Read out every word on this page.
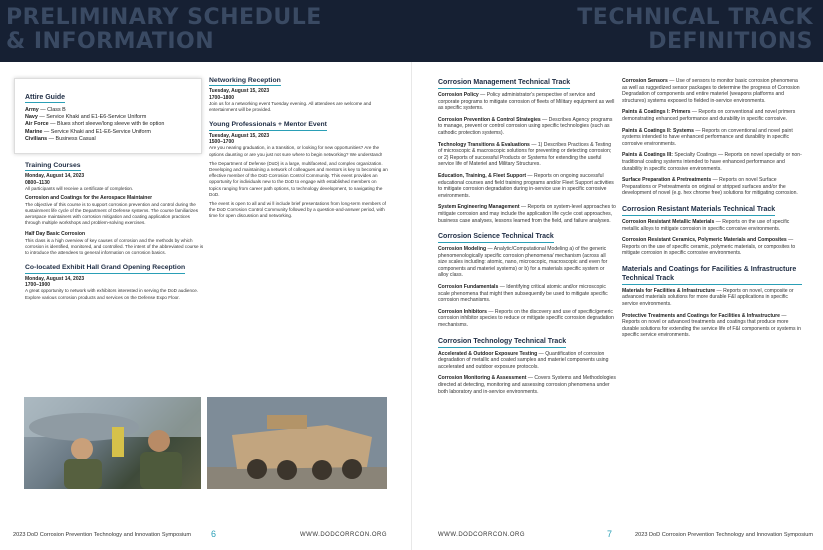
PRELIMINARY SCHEDULE
& INFORMATION
TECHNICAL TRACK
DEFINITIONS
Attire Guide

Army — Class B

Navy — Service Khaki and E1-E6-Service Uniform

Air Force — Blues short sleeve/long sleeve with tie option

Marine — Service Khaki and E1-E6-Service Uniform

Civilians — Business Casual

Training Courses
Monday, August 14, 2023
0800–1130

All participants will receive a certificate of completion.

Corrosion and Coatings for the Aerospace Maintainer

The objective of this course is to support corrosion prevention and control during the sustainment life cycle of the Department of Defense systems. The course familiarizes aerospace maintainers with corrosion mitigation and coating application practices through multiple workshops and problem-solving exercises.

Half Day Basic Corrosion

This class is a high overview of key causes of corrosion and the methods by which corrosion is identified, monitored, and controlled. The intent of the abbreviated course is to introduce the attendees to general information on corrosion basics.

Co-located Exhibit Hall Grand Opening Reception
Monday, August 14, 2023
1700–1900

A great opportunity to network with exhibitors interested in serving the DoD audience. Explore various corrosion products and services on the Defense Expo Floor.

Networking Reception
Tuesday, August 15, 2023
1700–1800

Join us for a networking event Tuesday evening. All attendees are welcome and entertainment will be provided.

Young Professionals + Mentor Event
Tuesday, August 15, 2023
1500–1700

Are you nearing graduation, in a transition, or looking for new opportunities? Are the options daunting or are you just not sure where to begin networking? We understand!

The Department of Defense (DoD) is a large, multifaceted, and complex organization. Developing and maintaining a network of colleagues and mentors is key to becoming an effective member of the DoD Corrosion Control Community. This event provides an opportunity for individuals new to the DoD to engage with established members on topics ranging from career path options, to technology development, to navigating the DoD.

The event is open to all and wi ll include brief presentations from long-term members of the DoD Corrosion Control Community followed by a question-and-answer period, with time for open discussion and networking.

2023 DoD Corrosion Prevention Technology and Innovation Symposium 6	WWW.DODCORRCON.ORG
Corrosion Management Technical Track
Corrosion Policy — Policy administrator's perspective of service and corporate programs to mitigate corrosion of fleets of Military equipment as well as specific systems.
Corrosion Prevention & Control Strategies — Describes Agency programs to manage, prevent or control corrosion using specific technologies (such as cathodic protection systems).
Technology Transitions & Evaluations — 1) Describes Practices & Testing of microscopic & macroscopic solutions for preventing or detecting corrosion; or 2) Reports of successful Products or Systems for extending the useful service life of Materiel and Military Structures.
Education, Training, & Fleet Support — Reports on ongoing successful educational courses and field training programs and/or Fleet Support activities to mitigate corrosion degradation during in-service use in specific corrosive environments.
System Engineering Management — Reports on system-level approaches to mitigate corrosion and may include the application life cycle cost approaches, business case analyses, lessons learned from the field, and failure analyses.
Corrosion Science Technical Track
Corrosion Modeling — Analytic/Computational Modeling a) of the generic phenomenologically specific corrosion phenomena/ mechanism (across all size scales including: atomic, nano, microscopic, macroscopic and even for components and materiel systems) or b) for a materials specific system or alloy class.
Corrosion Fundamentals — Identifying critical atomic and/or microscopic scale phenomena that might then subsequently be used to mitigate specific corrosion mechanisms.
Corrosion Inhibitors — Reports on the discovery and use of specific/generic corrosion inhibitor species to reduce or mitigate specific corrosion degradation mechanisms.
Corrosion Technology Technical Track
Accelerated & Outdoor Exposure Testing — Quantification of corrosion degradation of metallic and coated samples and materiel components using accelerated and outdoor exposure protocols.
Corrosion Monitoring & Assessment — Covers Systems and Methodologies directed at detecting, monitoring and assessing corrosion phenomena under both laboratory and in-service environments.
Corrosion Sensors — Use of sensors to monitor basic corrosion phenomena as well as ruggedized sensor packages to determine the progress of Corrosion Degradation of components and entire materiel (weapons platforms and structures) systems exposed to fielded in-service environments.
Paints & Coatings I: Primers — Reports on conventional and novel primers demonstrating enhanced performance and durability in specific corrosive.
Paints & Coatings II: Systems — Reports on conventional and novel paint systems intended to have enhanced performance and durability in specific corrosive environments.
Paints & Coatings III: Specialty Coatings — Reports on novel specialty or non-traditional coating systems intended to have enhanced performance and durability in specific corrosive environments.
Surface Preparation & Pretreatments — Reports on novel Surface Preparations or Pretreatments on original or stripped surfaces and/or the development of novel (e.g. hex chrome free) solutions for mitigating corrosion.
Corrosion Resistant Materials Technical Track
Corrosion Resistant Metallic Materials — Reports on the use of specific metallic alloys to mitigate corrosion in specific corrosive environments.
Corrosion Resistant Ceramics, Polymeric Materials and Composites — Reports on the use of specific ceramic, polymeric materials, or composites to mitigate corrosion in specific corrosive environments.
Materials and Coatings for Facilities & Infrastructure Technical Track
Materials for Facilities & Infrastructure — Reports on novel, composite or advanced materials solutions for more durable F&I applications in specific service environments.
Protective Treatments and Coatings for Facilities & Infrastructure — Reports on novel or advanced treatments and coatings that produce more durable solutions for extending the service life of F&I components or systems in specific service environments.
WWW.DODCORRCON.ORG	7	2023 DoD Corrosion Prevention Technology and Innovation Symposium
